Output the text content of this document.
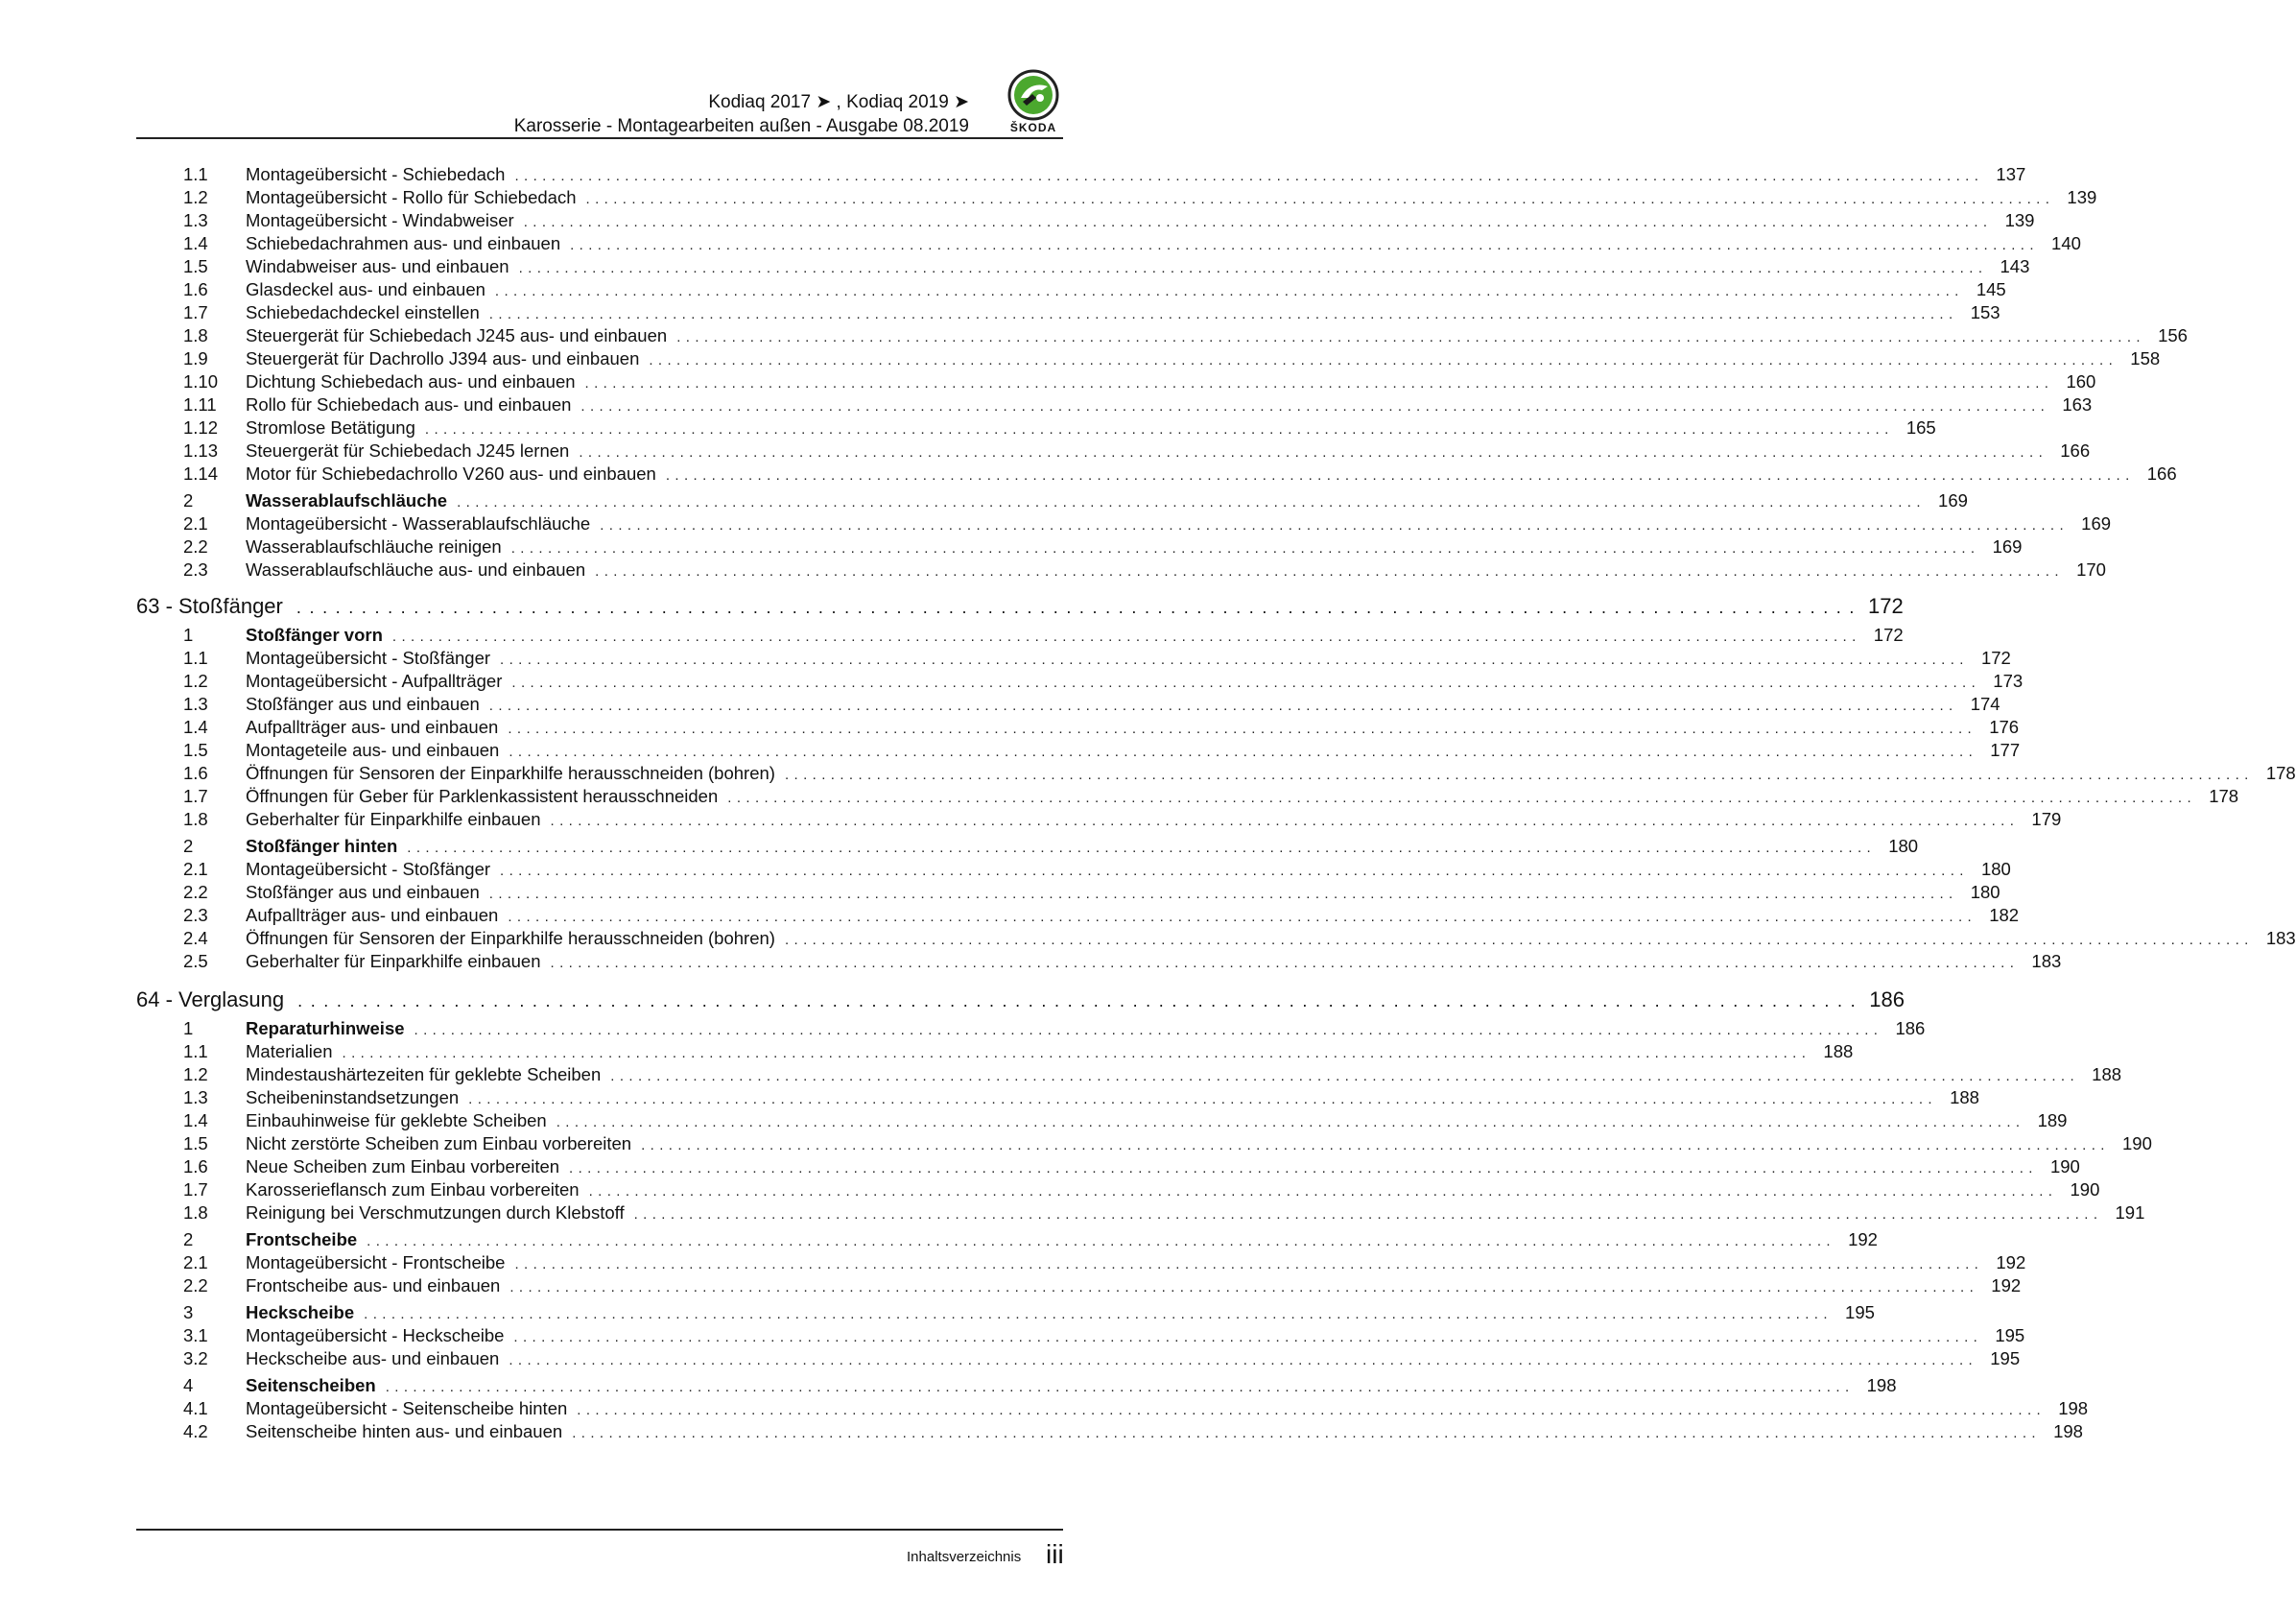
Kodiaq 2017 ➤ , Kodiaq 2019 ➤
Karosserie - Montagearbeiten außen - Ausgabe 08.2019	ŠKODA
1.1 Montageübersicht - Schiebedach ................................................................................................................................................................ 137
1.2 Montageübersicht - Rollo für Schiebedach ................................................................................................................................................................ 139
1.3 Montageübersicht - Windabweiser ................................................................................................................................................................ 139
1.4 Schiebedachrahmen aus- und einbauen ................................................................................................................................................................ 140
1.5 Windabweiser aus- und einbauen ................................................................................................................................................................ 143
1.6 Glasdeckel aus- und einbauen ................................................................................................................................................................ 145
1.7 Schiebedachdeckel einstellen ................................................................................................................................................................ 153
1.8 Steuergerät für Schiebedach J245 aus- und einbauen ................................................................................................................................................................ 156
1.9 Steuergerät für Dachrollo J394 aus- und einbauen ................................................................................................................................................................ 158
1.10 Dichtung Schiebedach aus- und einbauen ................................................................................................................................................................ 160
1.11 Rollo für Schiebedach aus- und einbauen ................................................................................................................................................................ 163
1.12 Stromlose Betätigung ................................................................................................................................................................ 165
1.13 Steuergerät für Schiebedach J245 lernen ................................................................................................................................................................ 166
1.14 Motor für Schiebedachrollo V260 aus- und einbauen ................................................................................................................................................................ 166
2	Wasserablaufschläuche ................................................................................................................................................................ 169
2.1 Montageübersicht - Wasserablaufschläuche ................................................................................................................................................................ 169
2.2 Wasserablaufschläuche reinigen ................................................................................................................................................................ 169
2.3 Wasserablaufschläuche aus- und einbauen ................................................................................................................................................................ 170
63 - Stoßfänger ........................................................................................................................ 172
1	Stoßfänger vorn ................................................................................................................................................................ 172
1.1 Montageübersicht - Stoßfänger ................................................................................................................................................................ 172
1.2 Montageübersicht - Aufpallträger ................................................................................................................................................................ 173
1.3 Stoßfänger aus und einbauen ................................................................................................................................................................ 174
1.4 Aufpallträger aus- und einbauen ................................................................................................................................................................ 176
1.5 Montageteile aus- und einbauen ................................................................................................................................................................ 177
1.6 Öffnungen für Sensoren der Einparkhilfe herausschneiden (bohren) ................................................................................................................................................................ 178
1.7 Öffnungen für Geber für Parklenkassistent herausschneiden ................................................................................................................................................................ 178
1.8 Geberhalter für Einparkhilfe einbauen ................................................................................................................................................................ 179
2	Stoßfänger hinten ................................................................................................................................................................ 180
2.1 Montageübersicht - Stoßfänger ................................................................................................................................................................ 180
2.2 Stoßfänger aus und einbauen ................................................................................................................................................................ 180
2.3 Aufpallträger aus- und einbauen ................................................................................................................................................................ 182
2.4 Öffnungen für Sensoren der Einparkhilfe herausschneiden (bohren) ................................................................................................................................................................ 183
2.5 Geberhalter für Einparkhilfe einbauen ................................................................................................................................................................ 183
64 - Verglasung ........................................................................................................................ 186
1	Reparaturhinweise ................................................................................................................................................................ 186
1.1 Materialien ................................................................................................................................................................ 188
1.2 Mindestaushärtezeiten für geklebte Scheiben ................................................................................................................................................................ 188
1.3 Scheibeninstandsetzungen ................................................................................................................................................................ 188
1.4 Einbauhinweise für geklebte Scheiben ................................................................................................................................................................ 189
1.5 Nicht zerstörte Scheiben zum Einbau vorbereiten ................................................................................................................................................................ 190
1.6 Neue Scheiben zum Einbau vorbereiten ................................................................................................................................................................ 190
1.7 Karosserieflansch zum Einbau vorbereiten ................................................................................................................................................................ 190
1.8 Reinigung bei Verschmutzungen durch Klebstoff ................................................................................................................................................................ 191
2	Frontscheibe ................................................................................................................................................................ 192
2.1 Montageübersicht - Frontscheibe ................................................................................................................................................................ 192
2.2 Frontscheibe aus- und einbauen ................................................................................................................................................................ 192
3	Heckscheibe ................................................................................................................................................................ 195
3.1 Montageübersicht - Heckscheibe ................................................................................................................................................................ 195
3.2 Heckscheibe aus- und einbauen ................................................................................................................................................................ 195
4	Seitenscheiben ................................................................................................................................................................ 198
4.1 Montageübersicht - Seitenscheibe hinten ................................................................................................................................................................ 198
4.2 Seitenscheibe hinten aus- und einbauen ................................................................................................................................................................ 198
Inhaltsverzeichnis iii
